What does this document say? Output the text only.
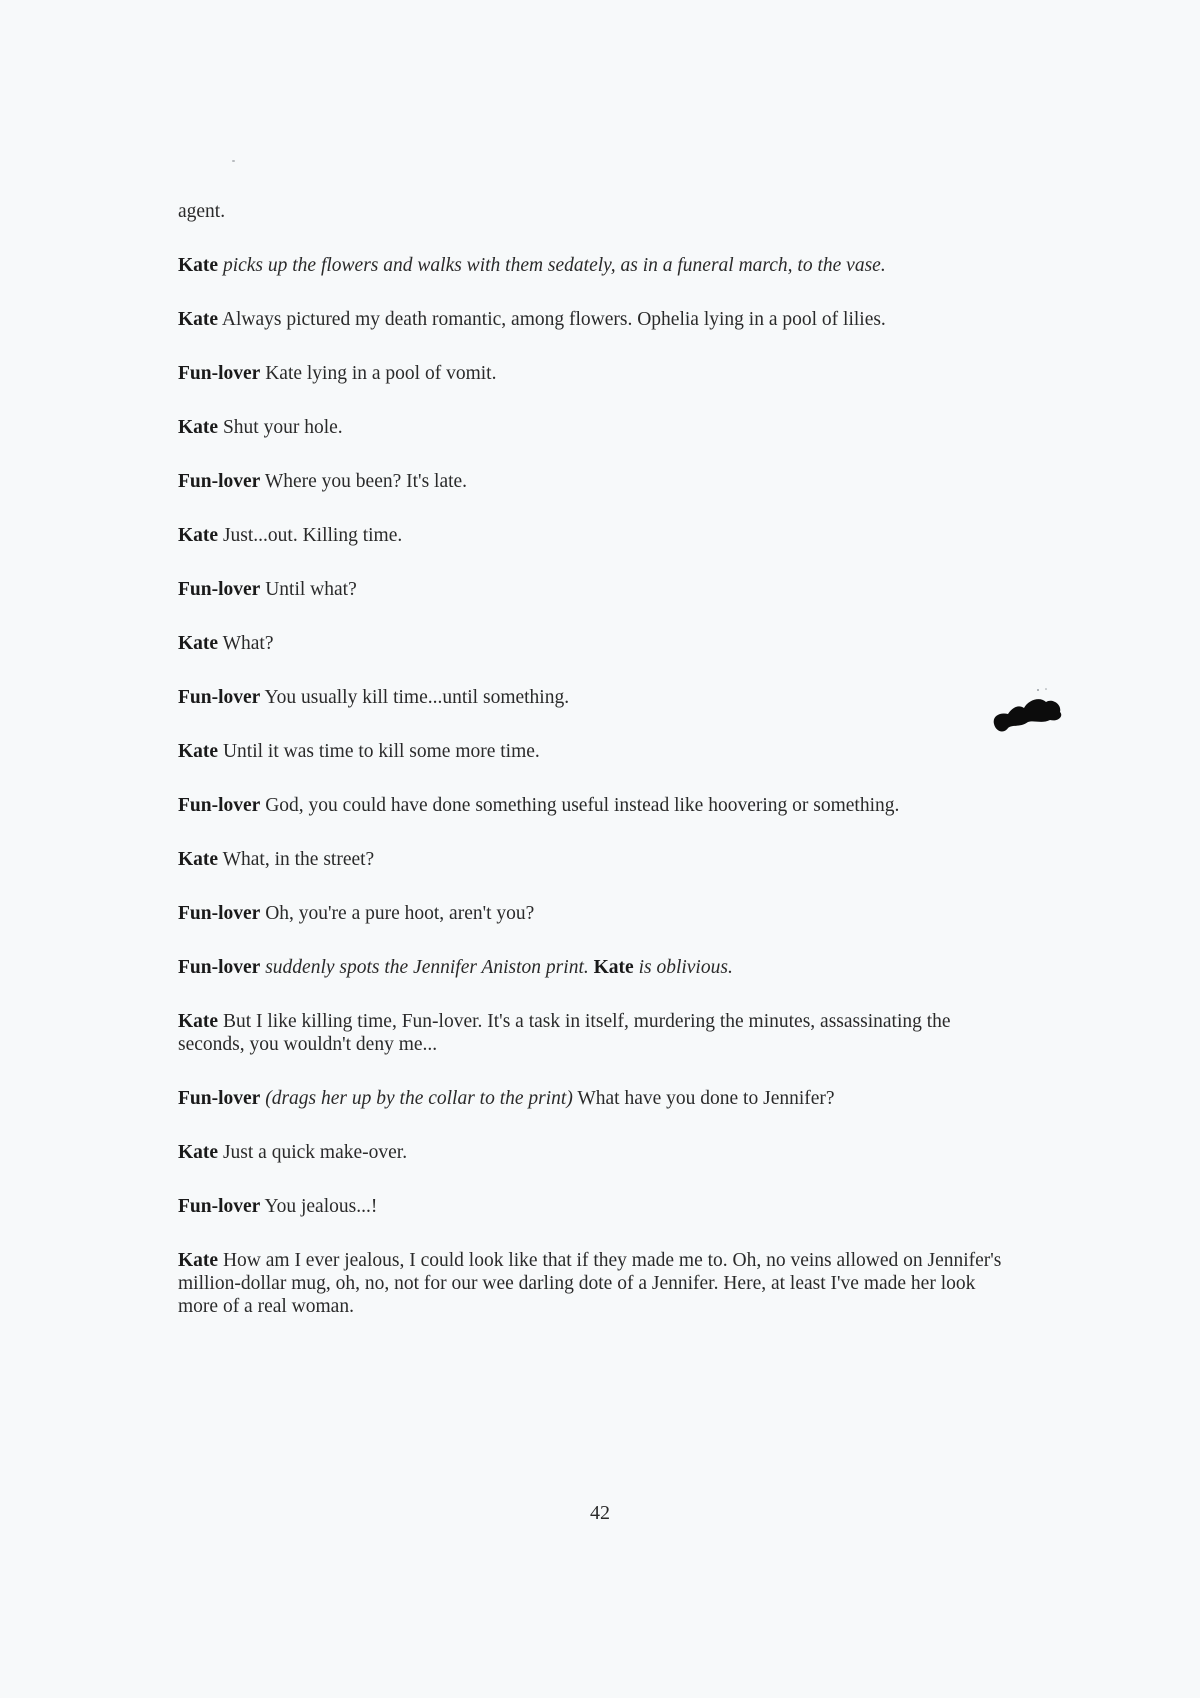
agent.

Kate picks up the flowers and walks with them sedately, as in a funeral march, to the vase.

Kate Always pictured my death romantic, among flowers. Ophelia lying in a pool of lilies.

Fun-lover Kate lying in a pool of vomit.

Kate Shut your hole.

Fun-lover Where you been? It's late.

Kate Just...out. Killing time.

Fun-lover Until what?

Kate What?

Fun-lover You usually kill time...until something.

Kate Until it was time to kill some more time.

Fun-lover God, you could have done something useful instead like hoovering or something.

Kate What, in the street?

Fun-lover Oh, you're a pure hoot, aren't you?

Fun-lover suddenly spots the Jennifer Aniston print. Kate is oblivious.

Kate But I like killing time, Fun-lover. It's a task in itself, murdering the minutes, assassinating the seconds, you wouldn't deny me...

Fun-lover (drags her up by the collar to the print) What have you done to Jennifer?

Kate Just a quick make-over.

Fun-lover You jealous...!

Kate How am I ever jealous, I could look like that if they made me to. Oh, no veins allowed on Jennifer's million-dollar mug, oh, no, not for our wee darling dote of a Jennifer. Here, at least I've made her look more of a real woman.

42
